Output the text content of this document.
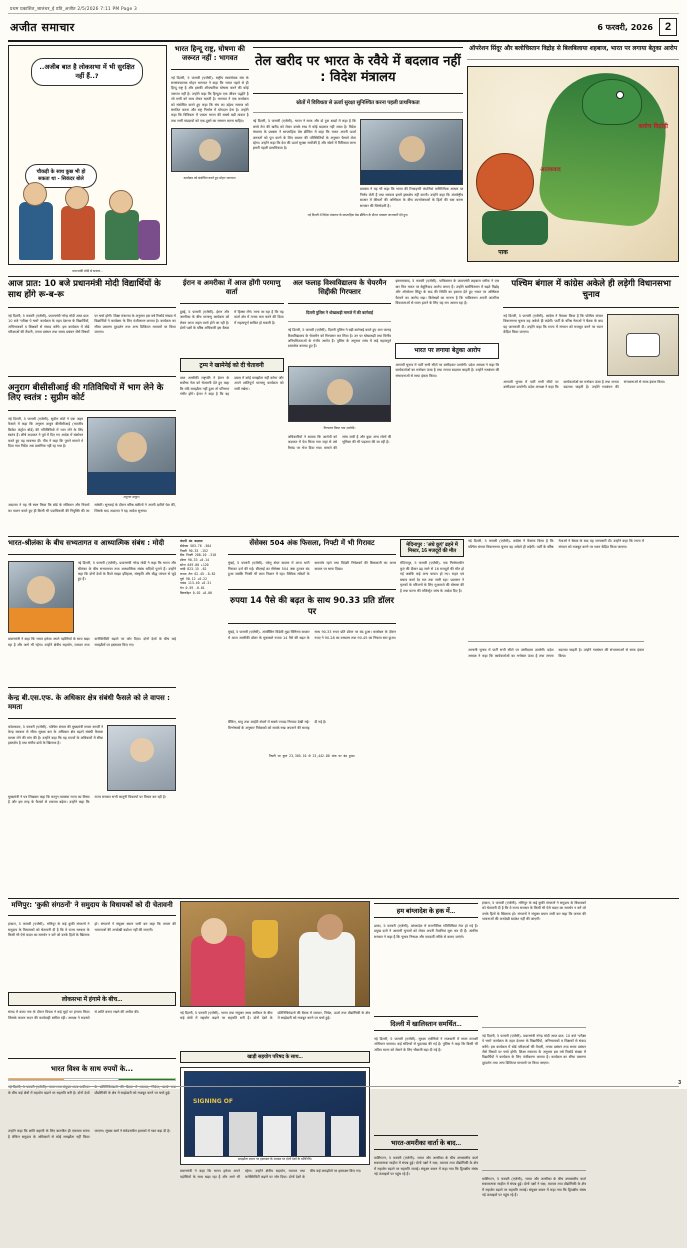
प्रथम प्रकाशित_जालंधर_ई प्रति_अजीत 2/5/2026 7:11 PM Page 3
अजीत समाचार	6 फरवरी, 2026	2
..अजीब बात है लोकसभा में भी सुरक्षित नहीं हैं..?
चौकड़ी के साथ कुछ भी हो सकता था - सिकंदर बोले
प्रधानमंत्री मोदी से सवाल...
भारत हिन्दू राष्ट्र, घोषणा की जरूरत नहीं : भागवत
नई दिल्ली, 5 फरवरी (एजेंसी)- राष्ट्रीय स्वयंसेवक संघ के सरसंघचालक मोहन भागवत ने कहा कि भारत पहले से ही हिन्दू राष्ट्र है और इसकी औपचारिक घोषणा करने की कोई जरूरत नहीं है। उन्होंने कहा कि हिन्दुत्व एक जीवन पद्धति है जो सभी को साथ लेकर चलती है। भागवत ने एक कार्यक्रम को संबोधित करते हुए कहा कि संघ का उद्देश्य समाज को संगठित करना और राष्ट्र निर्माण में योगदान देना है। उन्होंने कहा कि विविधता में एकता भारत की सबसे बड़ी ताकत है तथा सभी संप्रदायों को एक-दूसरे का सम्मान करना चाहिए।
कार्यक्रम को संबोधित करते हुए मोहन भागवत।
तेल खरीद पर भारत के रवैये में बदलाव नहीं : विदेश मंत्रालय
स्रोतों में विविधता से ऊर्जा सुरक्षा सुनिश्चित करना पहली प्राथमिकता
नई दिल्ली, 5 फरवरी (एजेंसी)- भारत ने साफ और दो टूक शब्दों में कहा है कि कच्चे तेल की खरीद को लेकर उसके रुख में कोई बदलाव नहीं आया है। विदेश मंत्रालय के प्रवक्ता ने साप्ताहिक प्रेस ब्रीफिंग में कहा कि भारत अपनी ऊर्जा जरूरतों को पूरा करने के लिए बाजार की परिस्थितियों के अनुसार फैसले लेता रहेगा। उन्होंने कहा कि देश की ऊर्जा सुरक्षा सर्वोपरि है और स्रोतों में विविधता लाना हमारी पहली प्राथमिकता है।
प्रवक्ता ने यह भी कहा कि भारत की रिफाइनरी कंपनियां वाणिज्यिक आधार पर निर्णय लेती हैं तथा सरकार इसमें हस्तक्षेप नहीं करती। उन्होंने कहा कि अंतर्राष्ट्रीय बाजार में कीमतों की अस्थिरता के बीच उपभोक्ताओं के हितों की रक्षा करना सरकार की जिम्मेदारी है।
नई दिल्ली में विदेश मंत्रालय के साप्ताहिक प्रेस ब्रीफिंग के दौरान प्रवक्ता जानकारी देते हुए।
ऑपरेशन सिंदूर और बलोचिस्तान विद्रोह से बिलबिलाया शहबाज, भारत पर लगाया बेतुका आरोप
बलोच विद्रोही
आतंकवाद
पाक
आज प्रात: 10 बजे प्रधानमंत्री मोदी विद्यार्थियों के साथ होंगे रू-ब-रू
नई दिल्ली, 5 फरवरी (एजेंसी)- प्रधानमंत्री नरेन्द्र मोदी आज प्रात: 10 बजे 'परीक्षा पे चर्चा' कार्यक्रम के तहत देशभर के विद्यार्थियों, अभिभावकों व शिक्षकों से संवाद करेंगे। इस कार्यक्रम में बोर्ड परीक्षाओं की तैयारी, तनाव प्रबंधन तथा समय प्रबंधन जैसे विषयों पर चर्चा होगी। शिक्षा मंत्रालय के अनुसार इस वर्ष रिकॉर्ड संख्या में विद्यार्थियों ने कार्यक्रम के लिए पंजीकरण कराया है। कार्यक्रम का सीधा प्रसारण दूरदर्शन तथा अन्य डिजिटल माध्यमों पर किया जाएगा।
अनुराग बीसीसीआई की गतिविधियों में भाग लेने के लिए स्वतंत्र : सुप्रीम कोर्ट
नई दिल्ली, 5 फरवरी (एजेंसी)- सुप्रीम कोर्ट ने एक अहम फैसले में कहा कि अनुराग ठाकुर बीसीसीआई (भारतीय क्रिकेट कंट्रोल बोर्ड) की गतिविधियों में भाग लेने के लिए स्वतंत्र हैं। शीर्ष अदालत ने पूर्व में दिए गए आदेश में संशोधन करते हुए यह व्यवस्था दी। पीठ ने कहा कि पुराने मामले में दिया गया निर्देश अब प्रासंगिक नहीं रह गया है।
अनुराग ठाकुर।
अदालत ने यह भी स्पष्ट किया कि बोर्ड के संविधान और नियमों का पालन करते हुए ही किसी भी पदाधिकारी की नियुक्ति की जा सकेगी। सुनवाई के दौरान वरिष्ठ वकीलों ने अपनी दलीलें पेश कीं, जिसके बाद अदालत ने यह आदेश सुनाया।
ईरान व अमरीका में आज होंगी परमाणु वार्ता
दुबई, 5 फरवरी (एजेंसी)- ईरान और अमरीका के बीच परमाणु कार्यक्रम को लेकर आज अहम वार्ता होने जा रही है। दोनों पक्षों के वरिष्ठ अधिकारी इस बैठक में हिस्सा लेंगे। माना जा रहा है कि यह वार्ता क्षेत्र में तनाव कम करने की दिशा में महत्वपूर्ण साबित हो सकती है।
ट्रम्प ने खामेनेई को दी चेतावनी
उधर अमरीकी राष्ट्रपति ने ईरान के सर्वोच्च नेता को चेतावनी देते हुए कहा कि यदि समझौता नहीं हुआ तो परिणाम गंभीर होंगे। ईरान ने कहा है कि वह दबाव में कोई समझौता नहीं करेगा और अपने शांतिपूर्ण परमाणु कार्यक्रम को जारी रखेगा।
अल फलाह विश्वविद्यालय के चेयरमैन सिद्दीकी गिरफ्तार
दिल्ली पुलिस ने धोखाधड़ी मामले में की कार्रवाई
नई दिल्ली, 5 फरवरी (एजेंसी)- दिल्ली पुलिस ने बड़ी कार्रवाई करते हुए अल फलाह विश्वविद्यालय के चेयरमैन को गिरफ्तार कर लिया है। उन पर धोखाधड़ी तथा वित्तीय अनियमितताओं के गंभीर आरोप हैं। पुलिस के अनुसार जांच में कई महत्वपूर्ण दस्तावेज बरामद हुए हैं।
गिरफ्तार किया गया आरोपी।
अधिकारियों ने बताया कि आरोपी को अदालत में पेश किया गया जहां से उसे रिमांड पर भेज दिया गया। मामले की जांच जारी है और कुछ अन्य लोगों की भूमिका की भी पड़ताल की जा रही है।
इस्लामाबाद, 5 फरवरी (एजेंसी)- पाकिस्तान के प्रधानमंत्री शहबाज शरीफ ने एक बार फिर भारत पर बेबुनियाद आरोप लगाए हैं। उन्होंने बलोचिस्तान में बढ़ते विद्रोह और ऑपरेशन सिंदूर के बाद की स्थिति का हवाला देते हुए भारत पर अस्थिरता फैलाने का आरोप मढ़ा। विशेषज्ञों का मानना है कि पाकिस्तान अपनी आंतरिक विफलताओं से ध्यान हटाने के लिए यह राग अलाप रहा है।
भारत पर लगाया बेतुका आरोप
आगामी चुनाव में पार्टी सभी सीटों पर उम्मीदवार उतारेगी। प्रदेश अध्यक्ष ने कहा कि कार्यकर्ताओं का मनोबल ऊंचा है तथा जनता बदलाव चाहती है। उन्होंने गठबंधन की संभावनाओं से साफ इंकार किया।
पश्चिम बंगाल में कांग्रेस अकेले ही लड़ेगी विधानसभा चुनाव
नई दिल्ली, 5 फरवरी (एजेंसी)- कांग्रेस ने फैसला किया है कि पश्चिम बंगाल विधानसभा चुनाव वह अकेले ही लड़ेगी। पार्टी के वरिष्ठ नेताओं ने बैठक के बाद यह जानकारी दी। उन्होंने कहा कि राज्य में संगठन को मजबूत करने पर ध्यान केंद्रित किया जाएगा।
आगामी चुनाव में पार्टी सभी सीटों पर उम्मीदवार उतारेगी। प्रदेश अध्यक्ष ने कहा कि कार्यकर्ताओं का मनोबल ऊंचा है तथा जनता बदलाव चाहती है। उन्होंने गठबंधन की संभावनाओं से साफ इंकार किया।
भारत-श्रीलंका के बीच सभ्यतागत व आध्यात्मिक संबंध : मोदी
नई दिल्ली, 5 फरवरी (एजेंसी)- प्रधानमंत्री नरेन्द्र मोदी ने कहा कि भारत और श्रीलंका के बीच सभ्यतागत तथा आध्यात्मिक संबंध सदियों पुराने हैं। उन्होंने कहा कि दोनों देशों के रिश्ते साझा इतिहास, संस्कृति और बौद्ध परंपरा से जुड़े हुए हैं।
प्रधानमंत्री ने कहा कि भारत हमेशा अपने पड़ोसियों के साथ खड़ा रहा है और आगे भी रहेगा। उन्होंने क्षेत्रीय सहयोग, व्यापार तथा कनेक्टिविटी बढ़ाने पर जोर दिया। दोनों देशों के बीच कई समझौतों पर हस्ताक्षर किए गए।
केन्द्र बी.एस.एफ. के अधिकार क्षेत्र संबंधी फैसले को ले वापस : ममता
कोलकाता, 5 फरवरी (एजेंसी)- पश्चिम बंगाल की मुख्यमंत्री ममता बनर्जी ने केन्द्र सरकार से सीमा सुरक्षा बल के अधिकार क्षेत्र बढ़ाने संबंधी फैसला वापस लेने की मांग की है। उन्होंने कहा कि यह राज्यों के अधिकारों में सीधा हस्तक्षेप है तथा संघीय ढांचे के खिलाफ है।
मुख्यमंत्री ने पत्र लिखकर कहा कि कानून व्यवस्था राज्य का विषय है और इस तरह के फैसले से टकराव बढ़ेगा। उन्होंने कहा कि राज्य सरकार सभी कानूनी विकल्पों पर विचार कर रही है।
कंपनी बंद बदलाव
सेंसेक्स 503.76 -504
निफ्टी 90.33 -152
बैंक निफ्टी 208.10 -318
डॉलर 90.33 +0.14
सोना 649.00 +120
चांदी 823.15 -62
कच्चा तेल 62.45 -0.82
यूरो 98.12 +0.22
पाउंड 113.40 +0.31
येन 0.59 -0.01
बिटकॉइन 0.02 +0.00
सेंसेक्स 504 अंक फिसला, निफ्टी में भी गिरावट
मुंबई, 5 फरवरी (एजेंसी)- घरेलू शेयर बाजार में आज भारी गिरावट दर्ज की गई। बीएसई का सेंसेक्स 504 अंक टूटकर बंद हुआ जबकि निफ्टी भी लाल निशान में रहा। वैश्विक संकेतों के कमजोर रहने तथा विदेशी निवेशकों की बिकवाली का असर बाजार पर साफ दिखा।
रुपया 14 पैसे की बढ़त के साथ 90.33 प्रति डॉलर पर
मुंबई, 5 फरवरी (एजेंसी)- अंतर्बैंकिंग विदेशी मुद्रा विनिमय बाजार में आज अमरीकी डॉलर के मुकाबले रुपया 14 पैसे की बढ़त के साथ 90.33 रुपए प्रति डॉलर पर बंद हुआ। कारोबार के दौरान रुपए ने 90.28 का उच्चतम तथा 90.45 का निचला स्तर छुआ।
बैंकिंग, धातु तथा आईटी शेयरों में सबसे ज्यादा गिरावट देखी गई। विश्लेषकों के अनुसार निवेशकों को सतर्क रुख अपनाने की सलाह दी गई है।
निफ्टी पर कुल 23,305.10 से 23,442.80 अंक पर बंद हुआ।
मेदिनापुर : 'अंधे कुएं' ढहने में मिस्टर, 16 मजदूरों की मौत
मेदिनापुर, 5 फरवरी (एजेंसी)- एक निर्माणाधीन कुएं की दीवार ढह जाने से 16 मजदूरों की मौत हो गई जबकि कई अन्य घायल हो गए। राहत एवं बचाव कार्य देर रात तक जारी रहा। प्रशासन ने मृतकों के परिजनों के लिए मुआवजे की घोषणा की है तथा घटना की मजिस्ट्रेट जांच के आदेश दिए हैं।
नई दिल्ली, 5 फरवरी (एजेंसी)- कांग्रेस ने फैसला किया है कि पश्चिम बंगाल विधानसभा चुनाव वह अकेले ही लड़ेगी। पार्टी के वरिष्ठ नेताओं ने बैठक के बाद यह जानकारी दी। उन्होंने कहा कि राज्य में संगठन को मजबूत करने पर ध्यान केंद्रित किया जाएगा।
आगामी चुनाव में पार्टी सभी सीटों पर उम्मीदवार उतारेगी। प्रदेश अध्यक्ष ने कहा कि कार्यकर्ताओं का मनोबल ऊंचा है तथा जनता बदलाव चाहती है। उन्होंने गठबंधन की संभावनाओं से साफ इंकार किया।
मणिपुर: 'कुकी संगठनों' ने समुदाय के विधायकों को दी चेतावनी
इंफाल, 5 फरवरी (एजेंसी)- मणिपुर के कई कुकी संगठनों ने समुदाय के विधायकों को चेतावनी दी है कि वे राज्य सरकार के किसी भी ऐसे कदम का समर्थन न करें जो उनके हितों के खिलाफ हो। संगठनों ने संयुक्त बयान जारी कर कहा कि जनता की भावनाओं की अनदेखी बर्दाश्त नहीं की जाएगी।
लोकसभा में हंगामे के बीच...
संसद में बजट सत्र के दौरान विपक्ष ने कई मुद्दों पर हंगामा किया जिसके कारण सदन की कार्यवाही बाधित रही। अध्यक्ष ने सदस्यों से शांति बनाए रखने की अपील की।
भारत विश्व के साथ रुपयों के...
नई दिल्ली, 5 फरवरी (एजेंसी)- भारत तथा संयुक्त अरब अमीरात के बीच कई क्षेत्रों में सहयोग बढ़ाने पर सहमति बनी है। दोनों देशों के प्रतिनिधिमंडलों की बैठक में व्यापार, निवेश, ऊर्जा तथा प्रौद्योगिकी के क्षेत्र में साझेदारी को मजबूत करने पर चर्चा हुई।
उन्होंने कहा कि शांति बहाली के लिए बातचीत ही एकमात्र रास्ता है लेकिन समुदाय के अधिकारों से कोई समझौता नहीं किया जाएगा। सुरक्षा बलों ने संवेदनशील इलाकों में गश्त बढ़ा दी है।
नई दिल्ली, 5 फरवरी (एजेंसी)- भारत तथा संयुक्त अरब अमीरात के बीच कई क्षेत्रों में सहयोग बढ़ाने पर सहमति बनी है। दोनों देशों के प्रतिनिधिमंडलों की बैठक में व्यापार, निवेश, ऊर्जा तथा प्रौद्योगिकी के क्षेत्र में साझेदारी को मजबूत करने पर चर्चा हुई।
खाड़ी सहयोग परिषद के साथ...
SIGNING OF
समझौता ज्ञापन पर हस्ताक्षर के अवसर पर दोनों देशों के प्रतिनिधि।
प्रधानमंत्री ने कहा कि भारत हमेशा अपने पड़ोसियों के साथ खड़ा रहा है और आगे भी रहेगा। उन्होंने क्षेत्रीय सहयोग, व्यापार तथा कनेक्टिविटी बढ़ाने पर जोर दिया। दोनों देशों के बीच कई समझौतों पर हस्ताक्षर किए गए।
हम बांग्लादेश के हक में...
ढाका, 5 फरवरी (एजेंसी)- बांग्लादेश में राजनीतिक गतिविधियां तेज हो गई हैं। प्रमुख दलों ने आगामी चुनावों को लेकर अपनी तैयारियां शुरू कर दी हैं। अंतरिम सरकार ने कहा है कि चुनाव निष्पक्ष और पारदर्शी तरीके से कराए जाएंगे।
दिल्ली में खालिस्तान समर्थित...
नई दिल्ली, 5 फरवरी (एजेंसी)- सुरक्षा एजेंसियों ने राजधानी में सघन तलाशी अभियान चलाया। कई संदिग्धों से पूछताछ की गई है। पुलिस ने कहा कि किसी भी अप्रिय घटना को रोकने के लिए चौकसी बढ़ा दी गई है।
भारत-अमरीका वार्ता के बाद...
वाशिंगटन, 5 फरवरी (एजेंसी)- भारत और अमरीका के बीच उच्चस्तरीय वार्ता सकारात्मक माहौल में संपन्न हुई। दोनों पक्षों ने रक्षा, व्यापार तथा प्रौद्योगिकी के क्षेत्र में सहयोग बढ़ाने पर सहमति जताई। संयुक्त बयान में कहा गया कि द्विपक्षीय संबंध नई ऊंचाइयों पर पहुंच रहे हैं।
इंफाल, 5 फरवरी (एजेंसी)- मणिपुर के कई कुकी संगठनों ने समुदाय के विधायकों को चेतावनी दी है कि वे राज्य सरकार के किसी भी ऐसे कदम का समर्थन न करें जो उनके हितों के खिलाफ हो। संगठनों ने संयुक्त बयान जारी कर कहा कि जनता की भावनाओं की अनदेखी बर्दाश्त नहीं की जाएगी।
नई दिल्ली, 5 फरवरी (एजेंसी)- प्रधानमंत्री नरेन्द्र मोदी आज प्रात: 10 बजे 'परीक्षा पे चर्चा' कार्यक्रम के तहत देशभर के विद्यार्थियों, अभिभावकों व शिक्षकों से संवाद करेंगे। इस कार्यक्रम में बोर्ड परीक्षाओं की तैयारी, तनाव प्रबंधन तथा समय प्रबंधन जैसे विषयों पर चर्चा होगी। शिक्षा मंत्रालय के अनुसार इस वर्ष रिकॉर्ड संख्या में विद्यार्थियों ने कार्यक्रम के लिए पंजीकरण कराया है। कार्यक्रम का सीधा प्रसारण दूरदर्शन तथा अन्य डिजिटल माध्यमों पर किया जाएगा।
वाशिंगटन, 5 फरवरी (एजेंसी)- भारत और अमरीका के बीच उच्चस्तरीय वार्ता सकारात्मक माहौल में संपन्न हुई। दोनों पक्षों ने रक्षा, व्यापार तथा प्रौद्योगिकी के क्षेत्र में सहयोग बढ़ाने पर सहमति जताई। संयुक्त बयान में कहा गया कि द्विपक्षीय संबंध नई ऊंचाइयों पर पहुंच रहे हैं।
3
